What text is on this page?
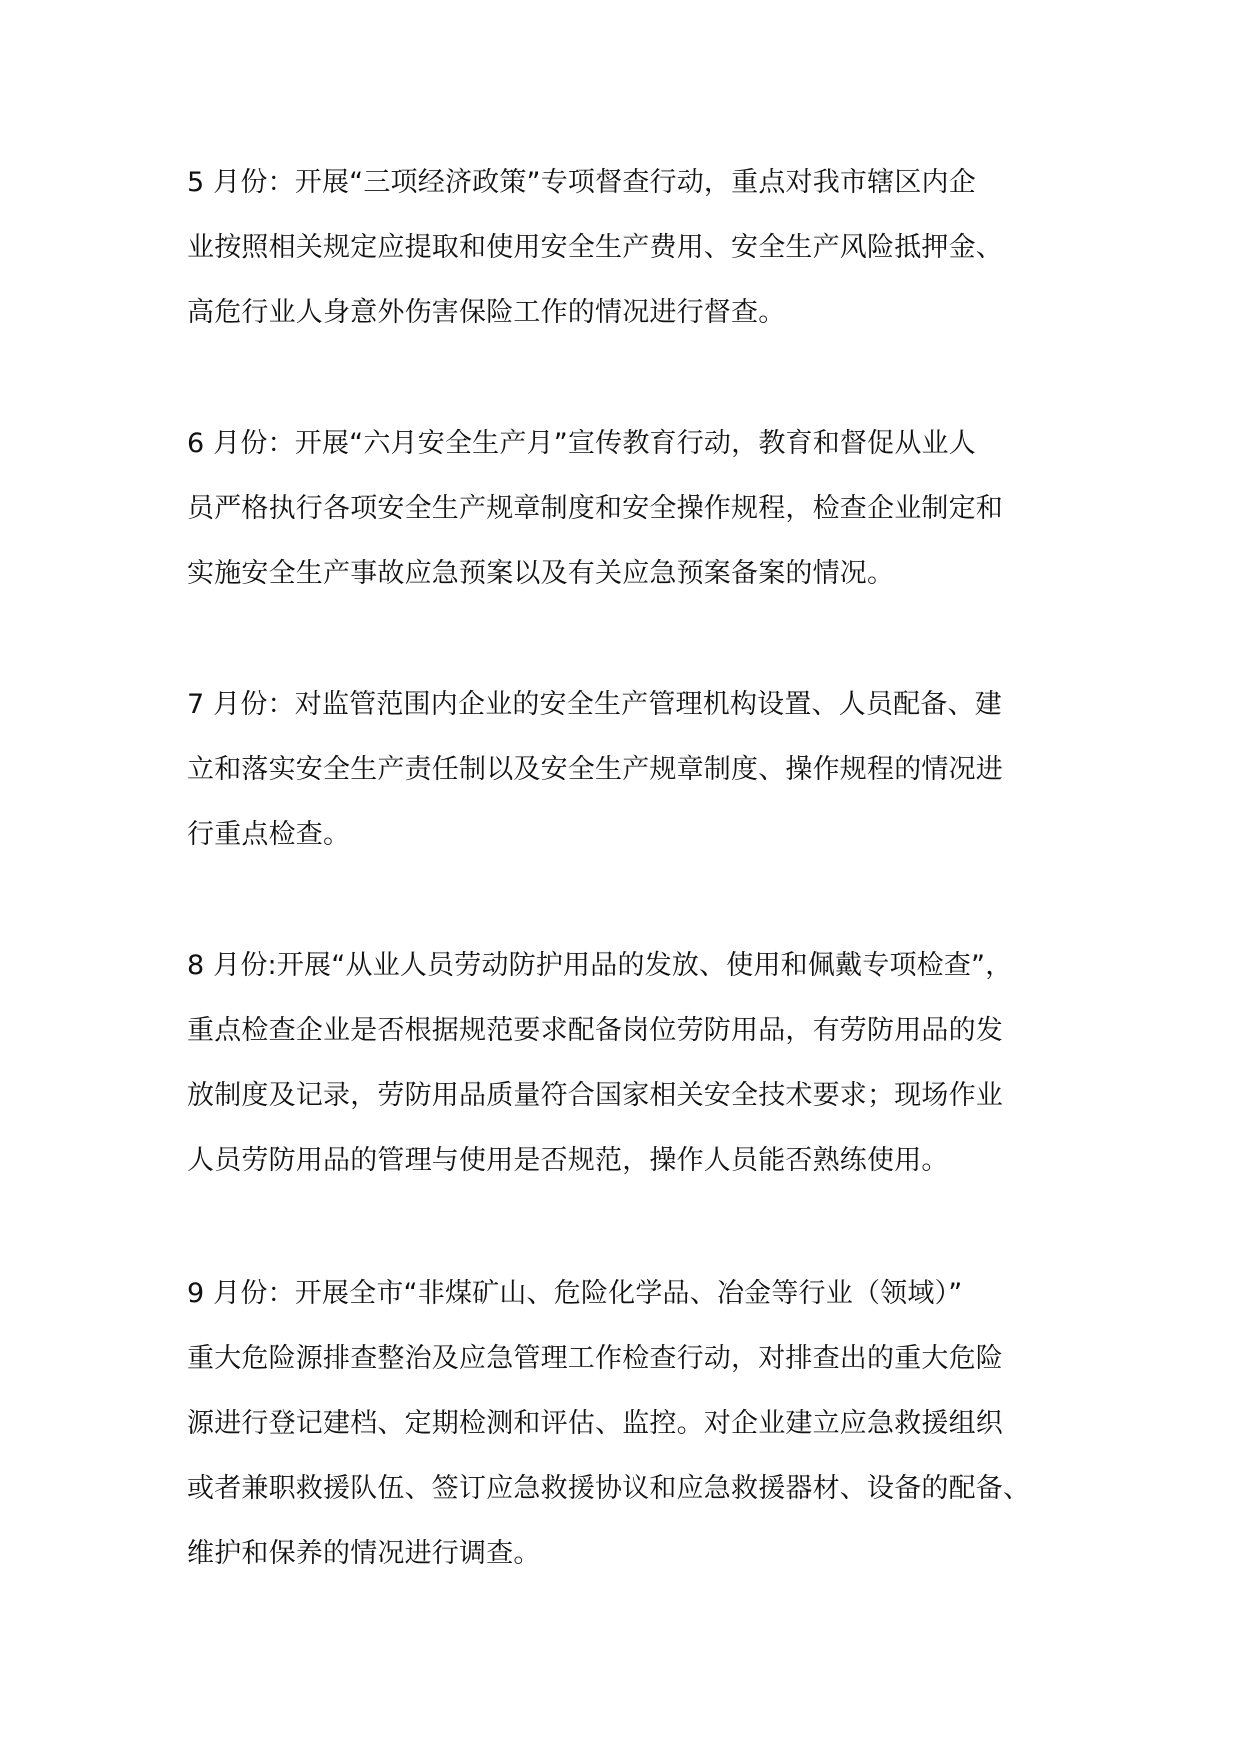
5 月份：开展“三项经济政策”专项督查行动，重点对我市辖区内企
业按照相关规定应提取和使用安全生产费用、安全生产风险抵押金、
高危行业人身意外伤害保险工作的情况进行督查。

6 月份：开展“六月安全生产月”宣传教育行动，教育和督促从业人
员严格执行各项安全生产规章制度和安全操作规程，检查企业制定和
实施安全生产事故应急预案以及有关应急预案备案的情况。

7 月份：对监管范围内企业的安全生产管理机构设置、人员配备、建
立和落实安全生产责任制以及安全生产规章制度、操作规程的情况进
行重点检查。

8 月份:开展“从业人员劳动防护用品的发放、使用和佩戴专项检查”，
重点检查企业是否根据规范要求配备岗位劳防用品，有劳防用品的发
放制度及记录，劳防用品质量符合国家相关安全技术要求；现场作业
人员劳防用品的管理与使用是否规范，操作人员能否熟练使用。

9 月份：开展全市“非煤矿山、危险化学品、冶金等行业（领域）”
重大危险源排查整治及应急管理工作检查行动，对排查出的重大危险
源进行登记建档、定期检测和评估、监控。对企业建立应急救援组织
或者兼职救援队伍、签订应急救援协议和应急救援器材、设备的配备、
维护和保养的情况进行调查。
